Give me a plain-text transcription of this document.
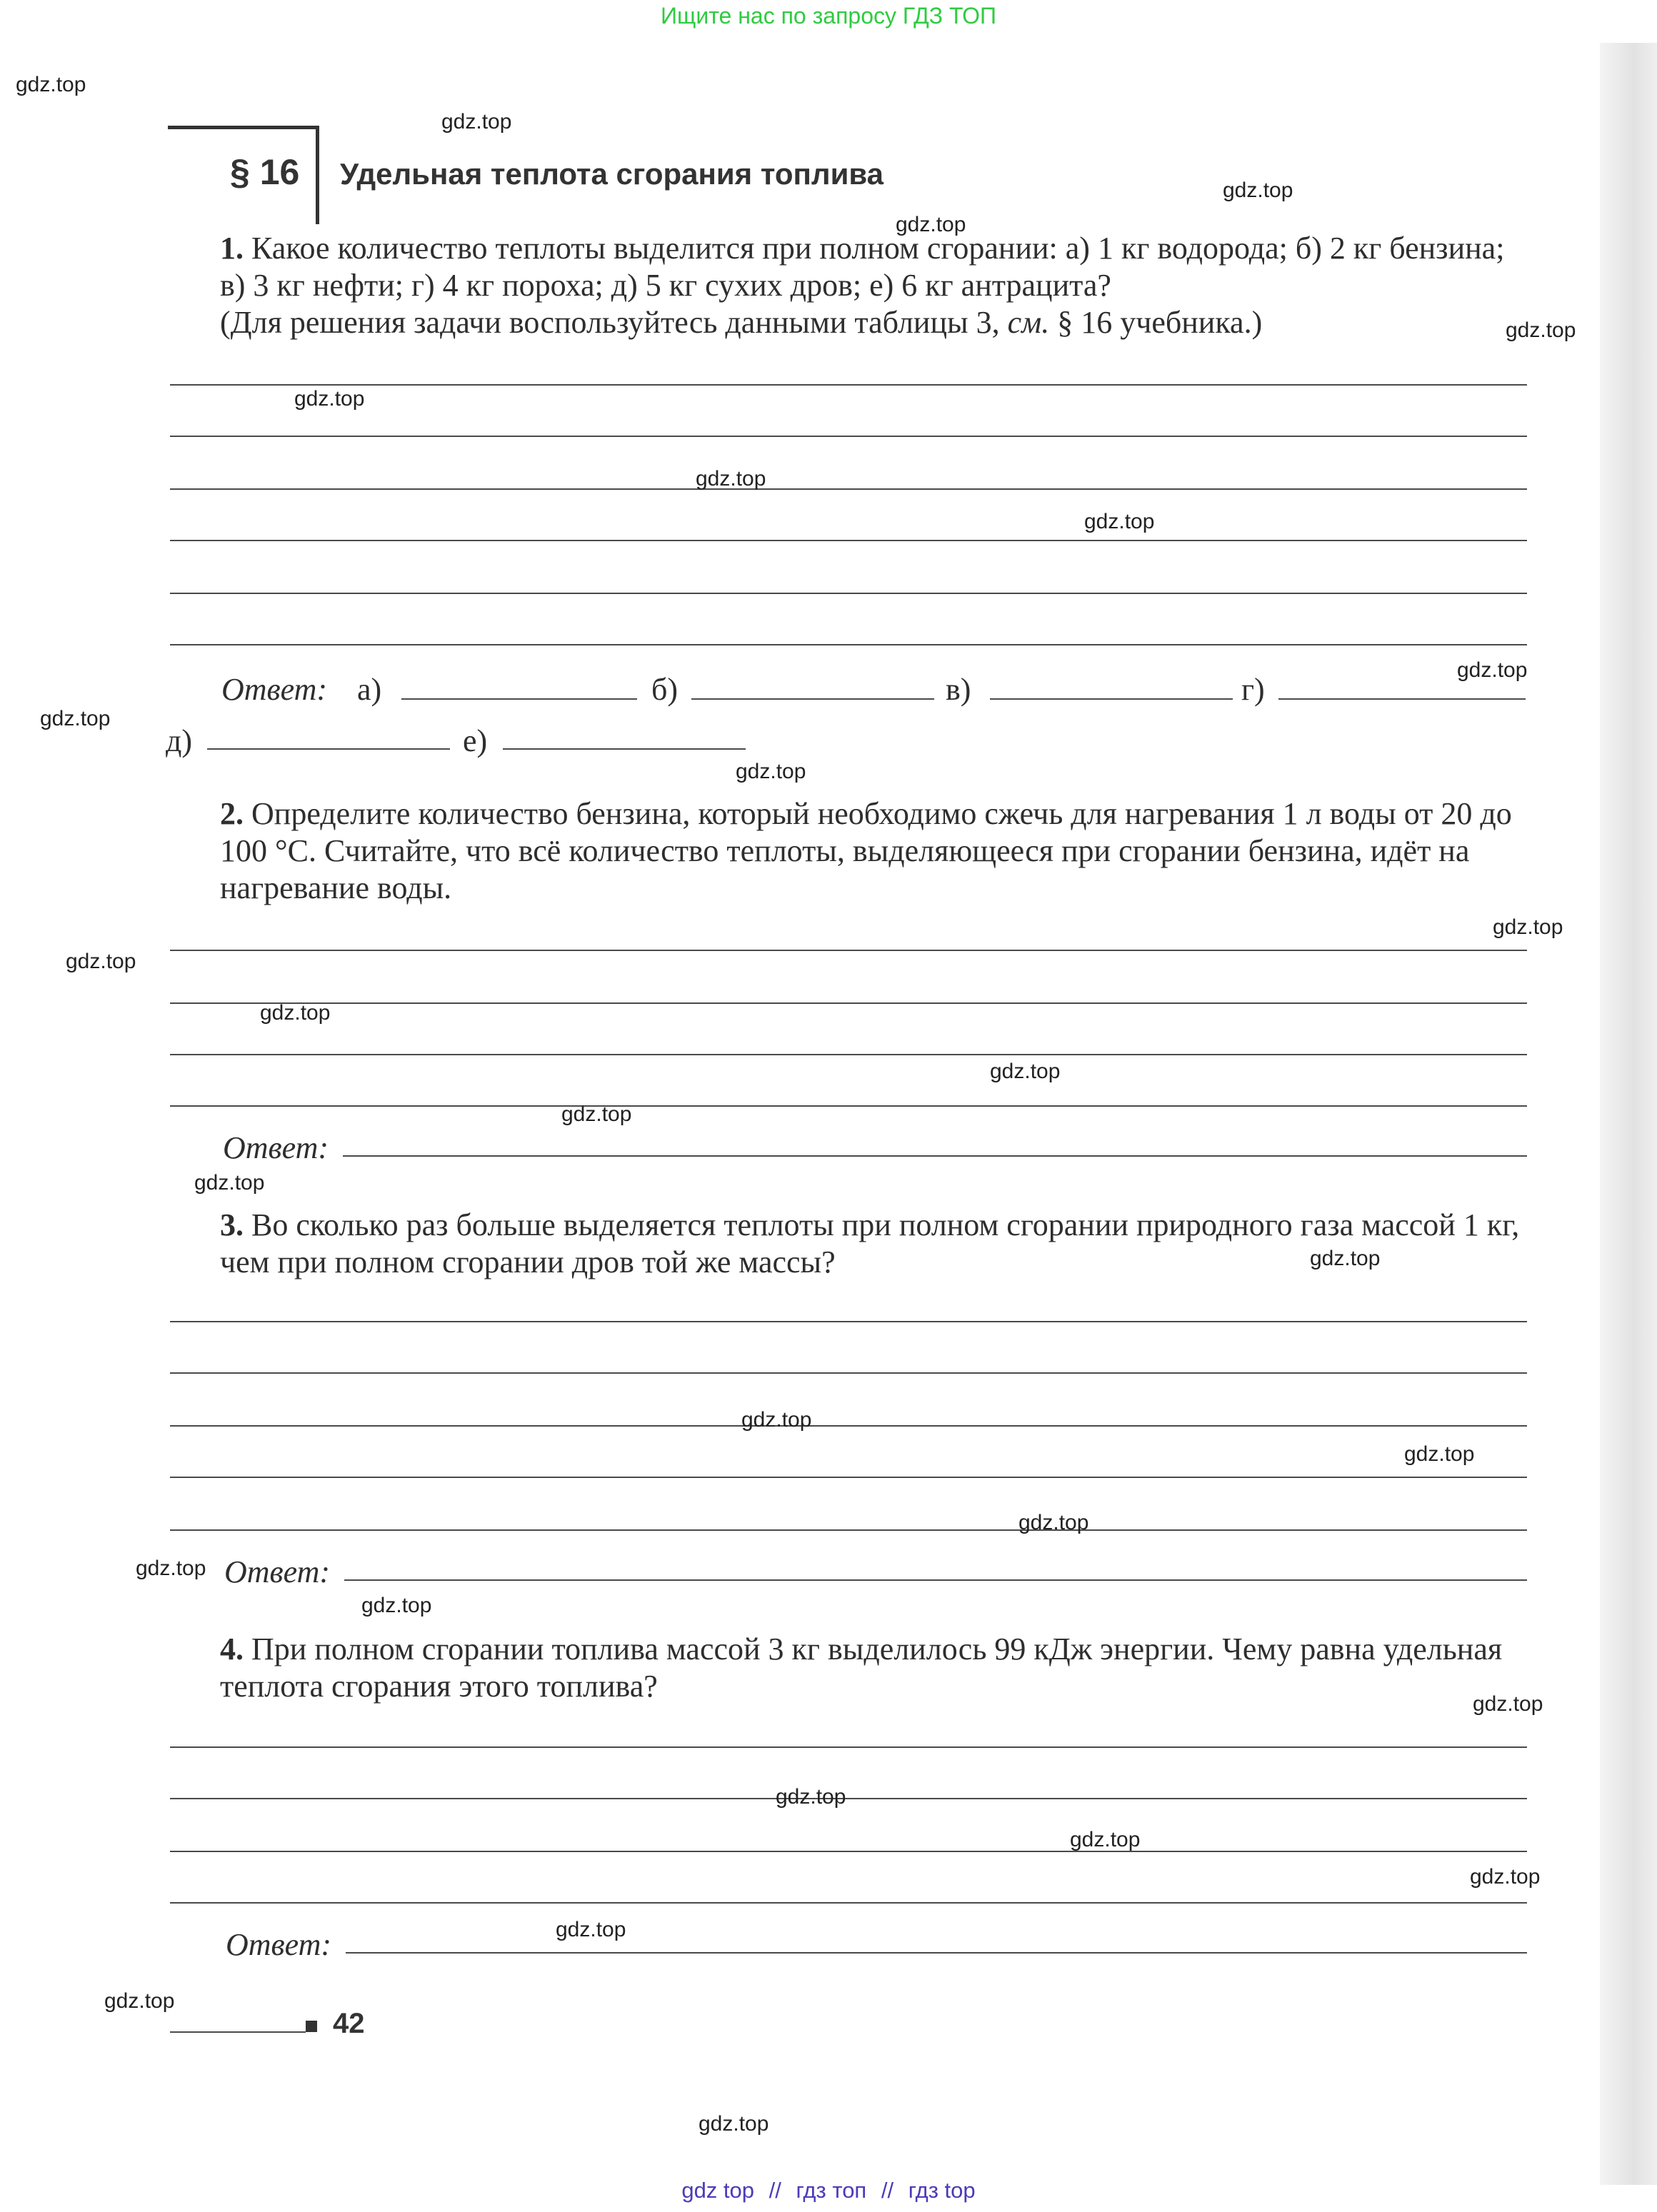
Ищите нас по запросу ГДЗ ТОП
§ 16 Удельная теплота сгорания топлива
1. Какое количество теплоты выделится при полном сгорании: а) 1 кг водорода; б) 2 кг бензина; в) 3 кг нефти; г) 4 кг пороха; д) 5 кг сухих дров; е) 6 кг антрацита?
(Для решения задачи воспользуйтесь данными таблицы 3, см. § 16 учебника.)
Ответ: а)	б)	в)	г)
д)	е)
2. Определите количество бензина, который необходимо сжечь для нагревания 1 л воды от 20 до 100 °С. Считайте, что всё количество теплоты, выделяющееся при сгорании бензина, идёт на нагревание воды.
Ответ:
3. Во сколько раз больше выделяется теплоты при полном сгорании природного газа массой 1 кг, чем при полном сгорании дров той же массы?
Ответ:
4. При полном сгорании топлива массой 3 кг выделилось 99 кДж энергии. Чему равна удельная теплота сгорания этого топлива?
Ответ:
42
gdz.top
gdz.top
gdz.top
gdz.top
gdz.top
gdz.top
gdz.top
gdz.top
gdz.top
gdz.top
gdz.top
gdz.top
gdz.top
gdz.top
gdz.top
gdz.top
gdz.top
gdz.top
gdz.top
gdz.top
gdz.top
gdz.top
gdz.top
gdz.top
gdz.top
gdz.top
gdz.top
gdz.top
gdz.top
gdz.top
gdz top // гдз топ // гдз top
